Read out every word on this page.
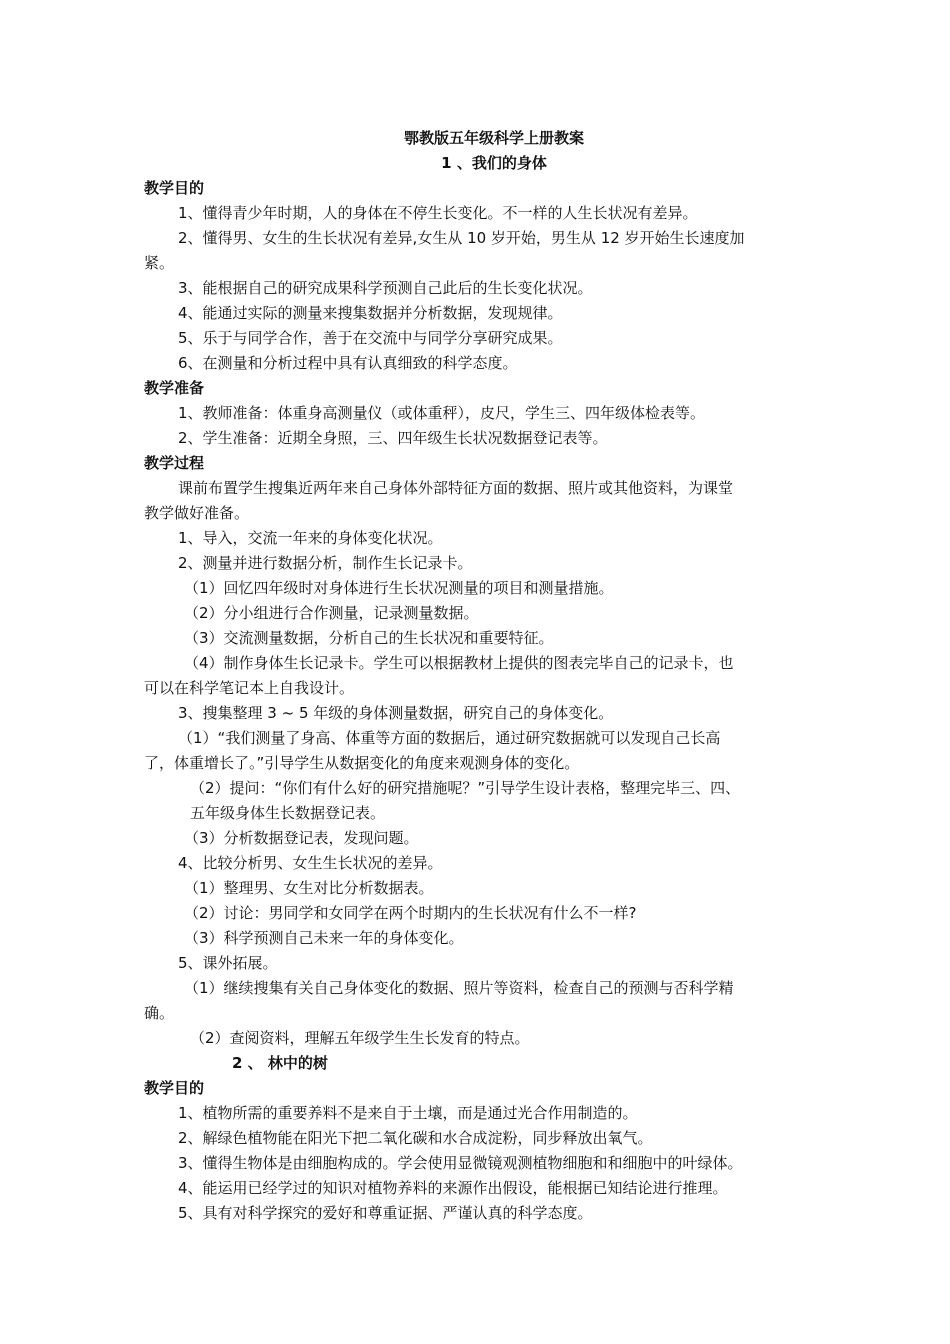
鄂教版五年级科学上册教案
1 、我们的身体
教学目的
1、懂得青少年时期，人的身体在不停生长变化。不一样的人生长状况有差异。
2、懂得男、女生的生长状况有差异,女生从 10 岁开始，男生从 12 岁开始生长速度加
紧。
3、能根据自己的研究成果科学预测自己此后的生长变化状况。
4、能通过实际的测量来搜集数据并分析数据，发现规律。
5、乐于与同学合作，善于在交流中与同学分享研究成果。
6、在测量和分析过程中具有认真细致的科学态度。
教学准备
1、教师准备：体重身高测量仪（或体重秤），皮尺，学生三、四年级体检表等。
2、学生准备：近期全身照，三、四年级生长状况数据登记表等。
教学过程
课前布置学生搜集近两年来自己身体外部特征方面的数据、照片或其他资料，为课堂
教学做好准备。
1、导入，交流一年来的身体变化状况。
2、测量并进行数据分析，制作生长记录卡。
（1）回忆四年级时对身体进行生长状况测量的项目和测量措施。
（2）分小组进行合作测量，记录测量数据。
（3）交流测量数据，分析自己的生长状况和重要特征。
（4）制作身体生长记录卡。学生可以根据教材上提供的图表完毕自己的记录卡，也
可以在科学笔记本上自我设计。
3、搜集整理 3 ~ 5 年级的身体测量数据，研究自己的身体变化。
（1）“我们测量了身高、体重等方面的数据后，通过研究数据就可以发现自己长高
了，体重增长了。”引导学生从数据变化的角度来观测身体的变化。
（2）提问：“你们有什么好的研究措施呢？”引导学生设计表格，整理完毕三、四、
五年级身体生长数据登记表。
（3）分析数据登记表，发现问题。
4、比较分析男、女生生长状况的差异。
（1）整理男、女生对比分析数据表。
（2）讨论：男同学和女同学在两个时期内的生长状况有什么不一样?
（3）科学预测自己未来一年的身体变化。
5、课外拓展。
（1）继续搜集有关自己身体变化的数据、照片等资料，检查自己的预测与否科学精
确。
（2）查阅资料，理解五年级学生生长发育的特点。
2 、 林中的树
教学目的
1、植物所需的重要养料不是来自于土壤，而是通过光合作用制造的。
2、解绿色植物能在阳光下把二氧化碳和水合成淀粉，同步释放出氧气。
3、懂得生物体是由细胞构成的。学会使用显微镜观测植物细胞和和细胞中的叶绿体。
4、能运用已经学过的知识对植物养料的来源作出假设，能根据已知结论进行推理。
5、具有对科学探究的爱好和尊重证据、严谨认真的科学态度。
